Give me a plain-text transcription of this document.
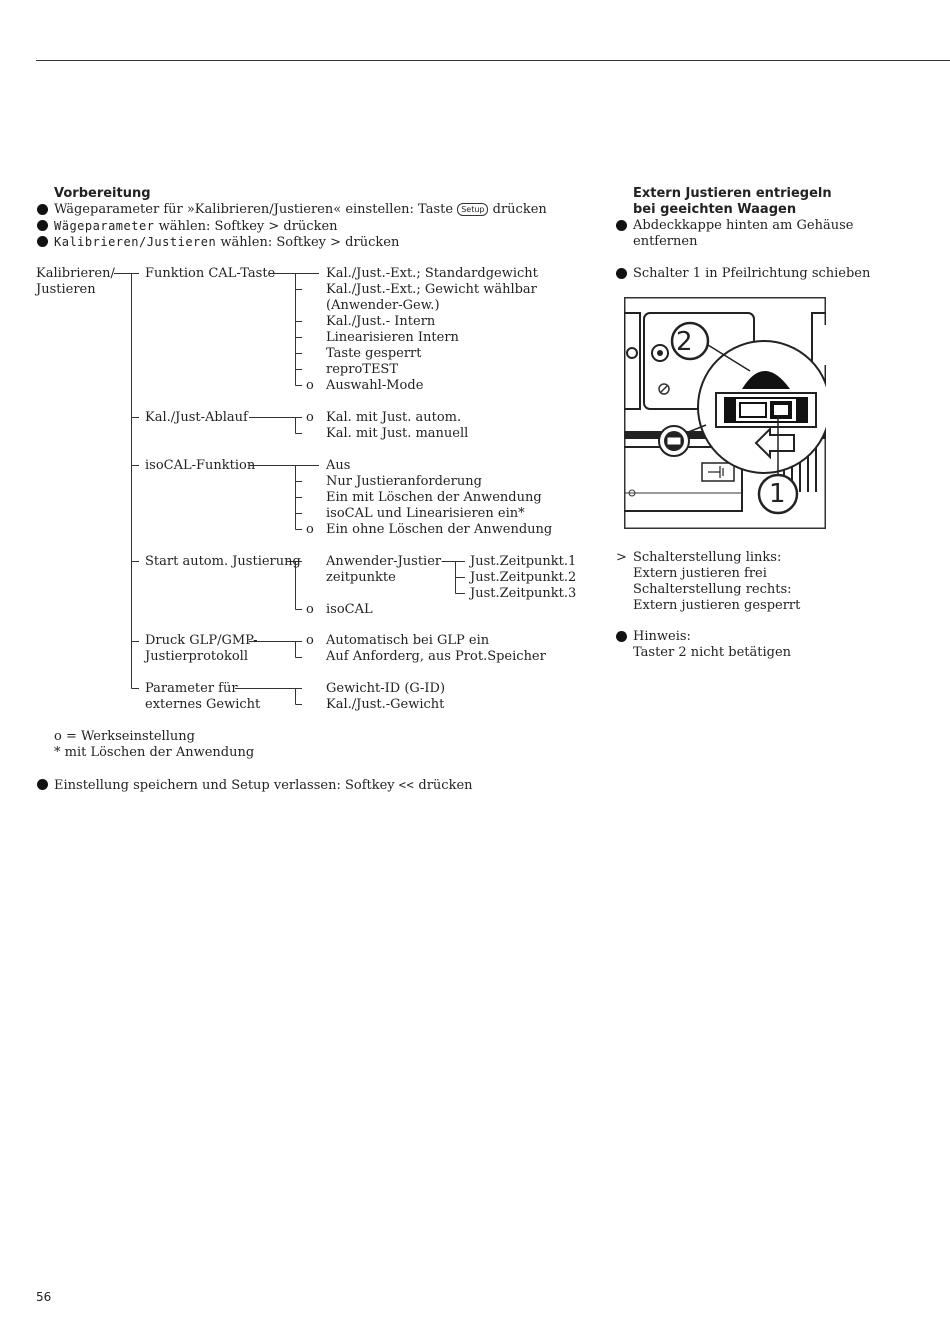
Vorbereitung
Wägeparameter für »Kalibrieren/Justieren« einstellen: Taste Setup drücken
Wägeparameter wählen: Softkey > drücken
Kalibrieren/Justieren wählen: Softkey > drücken
Kalibrieren/
Justieren
Funktion CAL-Taste
Kal./Just-Ablauf
isoCAL-Funktion
Start autom. Justierung
Druck GLP/GMP-
Justierprotokoll
Parameter für
externes Gewicht
Kal./Just.-Ext.; Standardgewicht
Kal./Just.-Ext.; Gewicht wählbar
(Anwender-Gew.)
Kal./Just.- Intern
Linearisieren Intern
Taste gesperrt
reproTEST
o Auswahl-Mode
o Kal. mit Just. autom.
Kal. mit Just. manuell
Aus
Nur Justieranforderung
Ein mit Löschen der Anwendung
isoCAL und Linearisieren ein*
o Ein ohne Löschen der Anwendung
Anwender-Justier-
zeitpunkte
o isoCAL
Just.Zeitpunkt.1
Just.Zeitpunkt.2
Just.Zeitpunkt.3
o Automatisch bei GLP ein
Auf Anforderg, aus Prot.Speicher
Gewicht-ID (G-ID)
Kal./Just.-Gewicht
o = Werkseinstellung
* mit Löschen der Anwendung
Einstellung speichern und Setup verlassen: Softkey << drücken
Extern Justieren entriegeln
bei geeichten Waagen
Abdeckkappe hinten am Gehäuse
entfernen
Schalter 1 in Pfeilrichtung schieben
2
1
> Schalterstellung links:
Extern justieren frei
Schalterstellung rechts:
Extern justieren gesperrt
Hinweis:
Taster 2 nicht betätigen
56
